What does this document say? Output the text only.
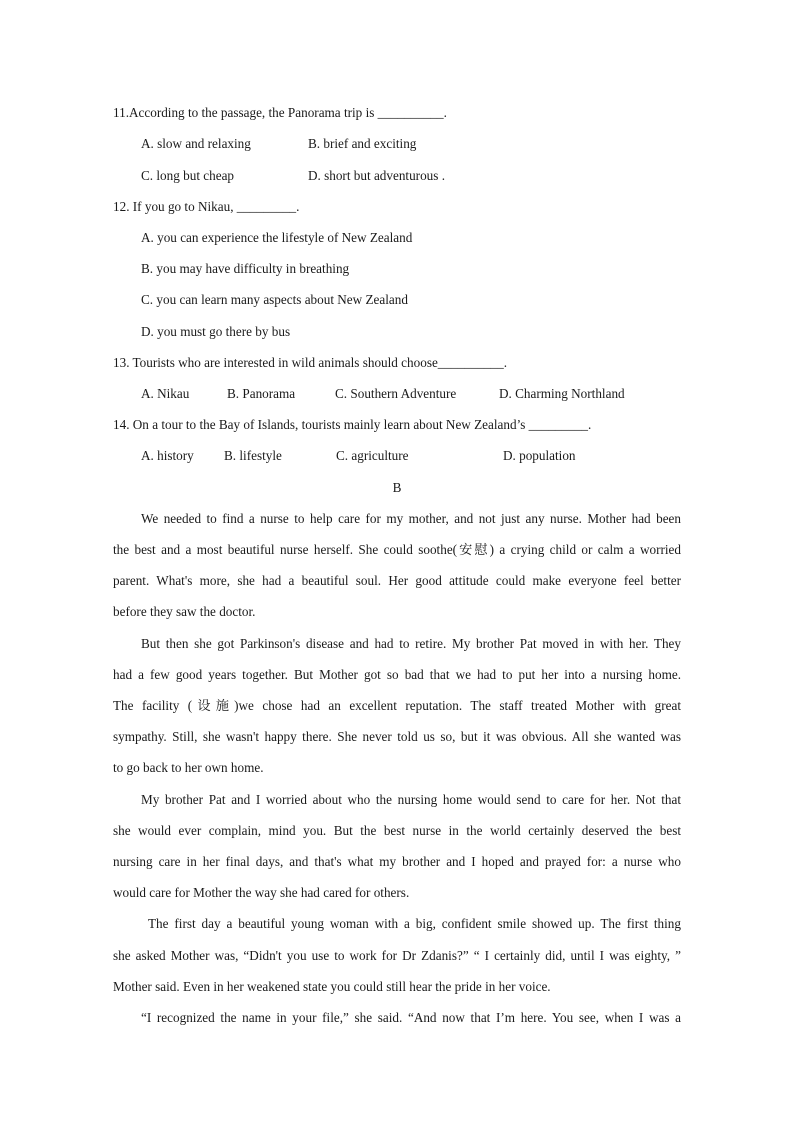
11.According to the passage, the Panorama trip is __________.
A. slow and relaxing	B. brief and exciting
C. long but cheap	D. short but adventurous .
12. If you go to Nikau, _________.
A. you can experience the lifestyle of New Zealand
B. you may have difficulty in breathing
C. you can learn many aspects about New Zealand
D. you must go there by bus
13. Tourists who are interested in wild animals should choose__________.
A. Nikau	B. Panorama	C. Southern Adventure	D. Charming Northland
14. On a tour to the Bay of Islands, tourists mainly learn about New Zealand’s _________.
A. history B. lifestyle	C. agriculture	D. population
B
We needed to find a nurse to help care for my mother, and not just any nurse. Mother had been
the best and a most beautiful nurse herself. She could soothe(安慰) a crying child or calm a worried
parent. What's more, she had a beautiful soul. Her good attitude could make everyone feel better
before they saw the doctor.
But then she got Parkinson's disease and had to retire. My brother Pat moved in with her. They
had a few good years together. But Mother got so bad that we had to put her into a nursing home.
The facility (设施)we chose had an excellent reputation. The staff treated Mother with great
sympathy. Still, she wasn't happy there. She never told us so, but it was obvious. All she wanted was
to go back to her own home.
My brother Pat and I worried about who the nursing home would send to care for her. Not that
she would ever complain, mind you. But the best nurse in the world certainly deserved the best
nursing care in her final days, and that's what my brother and I hoped and prayed for: a nurse who
would care for Mother the way she had cared for others.
The first day a beautiful young woman with a big, confident smile showed up. The first thing
she asked Mother was, “Didn't you use to work for Dr Zdanis?” “ I certainly did, until I was eighty, ”
Mother said. Even in her weakened state you could still hear the pride in her voice.
“I recognized the name in your file,” she said. “And now that I’m here. You see, when I was a
